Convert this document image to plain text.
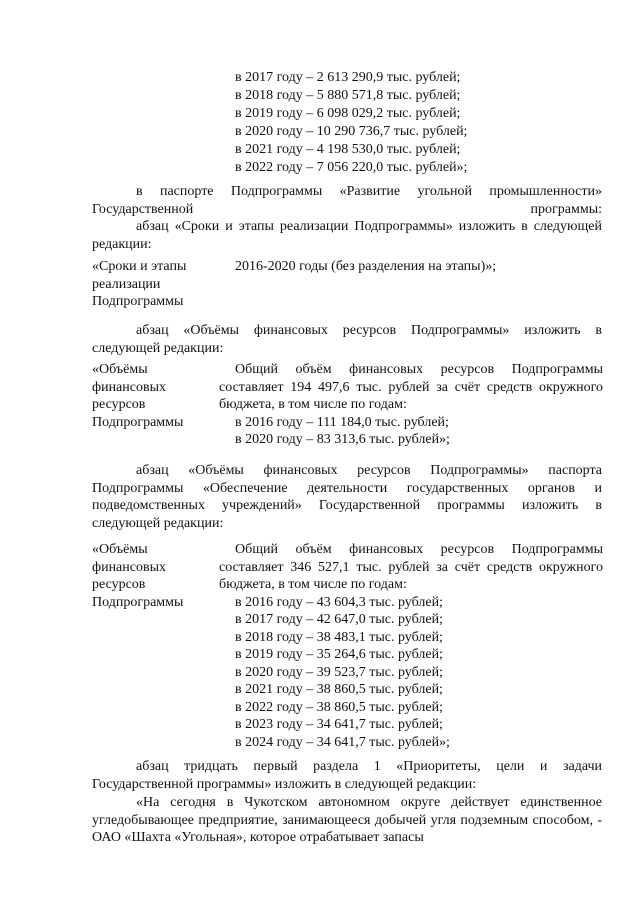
в 2017 году – 2 613 290,9 тыс. рублей;
в 2018 году – 5 880 571,8 тыс. рублей;
в 2019 году – 6 098 029,2 тыс. рублей;
в 2020 году – 10 290 736,7 тыс. рублей;
в 2021 году – 4 198 530,0 тыс. рублей;
в 2022 году – 7 056 220,0 тыс. рублей»;
в паспорте Подпрограммы «Развитие угольной промышленности» Государственной программы:
абзац «Сроки и этапы реализации Подпрограммы» изложить в следующей редакции:
«Сроки и этапы реализации Подпрограммы
2016-2020 годы (без разделения на этапы)»;
абзац «Объёмы финансовых ресурсов Подпрограммы» изложить в следующей редакции:
«Объёмы финансовых ресурсов Подпрограммы
Общий объём финансовых ресурсов Подпрограммы составляет 194 497,6 тыс. рублей за счёт средств окружного бюджета, в том числе по годам:
в 2016 году – 111 184,0 тыс. рублей;
в 2020 году – 83 313,6 тыс. рублей»;
абзац «Объёмы финансовых ресурсов Подпрограммы» паспорта Подпрограммы «Обеспечение деятельности государственных органов и подведомственных учреждений» Государственной программы изложить в следующей редакции:
«Объёмы финансовых ресурсов Подпрограммы
Общий объём финансовых ресурсов Подпрограммы составляет 346 527,1 тыс. рублей за счёт средств окружного бюджета, в том числе по годам:
в 2016 году – 43 604,3 тыс. рублей;
в 2017 году – 42 647,0 тыс. рублей;
в 2018 году – 38 483,1 тыс. рублей;
в 2019 году – 35 264,6 тыс. рублей;
в 2020 году – 39 523,7 тыс. рублей;
в 2021 году – 38 860,5 тыс. рублей;
в 2022 году – 38 860,5 тыс. рублей;
в 2023 году – 34 641,7 тыс. рублей;
в 2024 году – 34 641,7 тыс. рублей»;
абзац тридцать первый раздела 1 «Приоритеты, цели и задачи Государственной программы» изложить в следующей редакции:
«На сегодня в Чукотском автономном округе действует единственное угледобывающее предприятие, занимающееся добычей угля подземным способом, - ОАО «Шахта «Угольная», которое отрабатывает запасы
